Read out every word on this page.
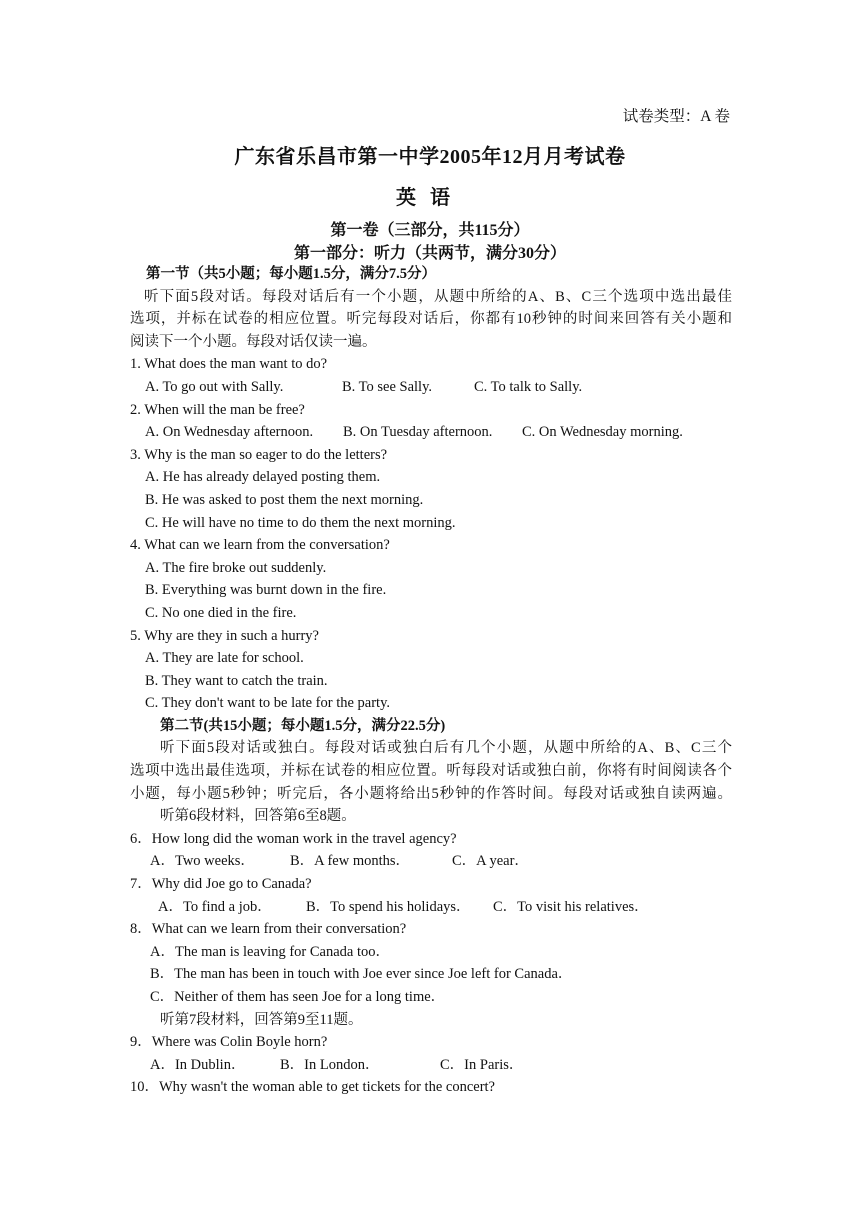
试卷类型：A 卷
广东省乐昌市第一中学2005年12月月考试卷
英语
第一卷（三部分，共115分）
第一部分：听力（共两节，满分30分）
第一节（共5小题；每小题1.5分，满分7.5分）
听下面5段对话。每段对话后有一个小题，从题中所给的A、B、C三个选项中选出最佳
选项，并标在试卷的相应位置。听完每段对话后，你都有10秒钟的时间来回答有关小题和
阅读下一个小题。每段对话仅读一遍。
1. What does the man want to do?
A. To go out with Sally.	B. To see Sally.	C. To talk to Sally.
2. When will the man be free?
A. On Wednesday afternoon. B. On Tuesday afternoon. C. On Wednesday morning.
3. Why is the man so eager to do the letters?
A. He has already delayed posting them.
B. He was asked to post them the next morning.
C. He will have no time to do them the next morning.
4. What can we learn from the conversation?
A. The fire broke out suddenly.
B. Everything was burnt down in the fire.
C. No one died in the fire.
5. Why are they in such a hurry?
A. They are late for school.
B. They want to catch the train.
C. They don't want to be late for the party.
第二节(共15小题；每小题1.5分，满分22.5分)
听下面5段对话或独白。每段对话或独白后有几个小题，从题中所给的A、B、C三个
选项中选出最佳选项，并标在试卷的相应位置。听每段对话或独白前，你将有时间阅读各个
小题，每小题5秒钟；听完后，各小题将给出5秒钟的作答时间。每段对话或独自读两遍。
听第6段材料，回答第6至8题。
6．How long did the woman work in the travel agency?
A．Two weeks． B．A few months．	C．A year．
7．Why did Joe go to Canada?
A．To find a job． B．To spend his holidays． C．To visit his relatives．
8．What can we learn from their conversation?
A．The man is leaving for Canada too．
B．The man has been in touch with Joe ever since Joe left for Canada．
C．Neither of them has seen Joe for a long time．
听第7段材料，回答第9至11题。
9．Where was Colin Boyle horn?
A．In Dublin． B．In London．	C．In Paris．
10．Why wasn't the woman able to get tickets for the concert?
